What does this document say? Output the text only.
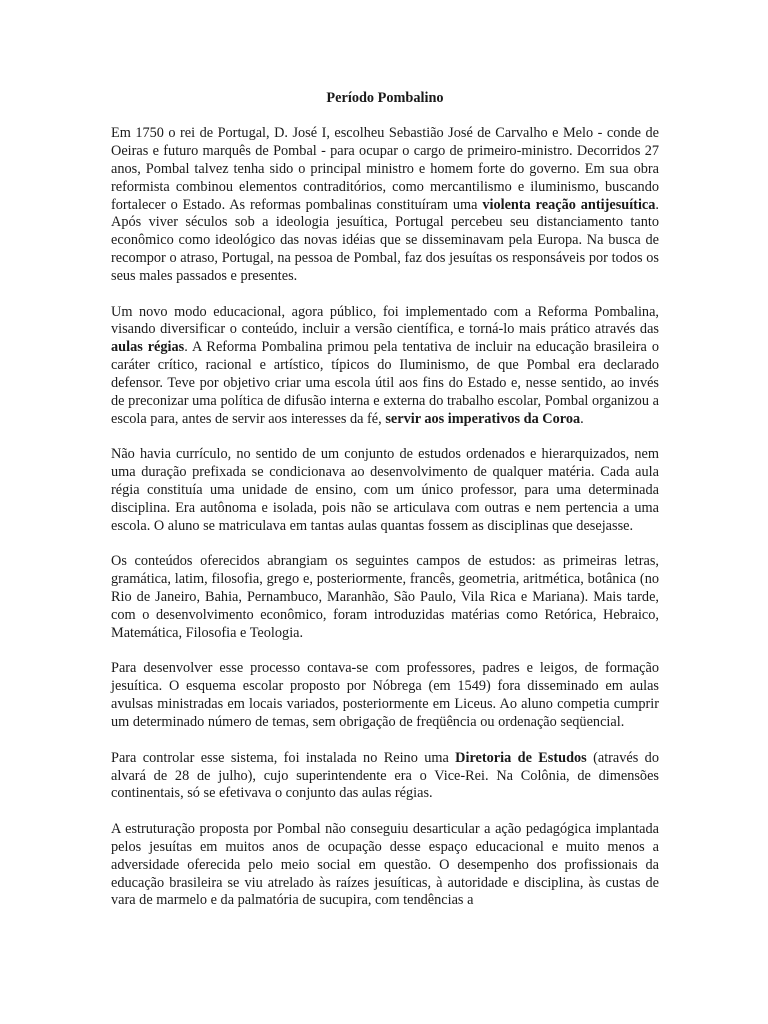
Período Pombalino

Em 1750 o rei de Portugal, D. José I, escolheu Sebastião José de Carvalho e Melo - conde de Oeiras e futuro marquês de Pombal - para ocupar o cargo de primeiro-ministro. Decorridos 27 anos, Pombal talvez tenha sido o principal ministro e homem forte do governo. Em sua obra reformista combinou elementos contraditórios, como mercantilismo e iluminismo, buscando fortalecer o Estado. As reformas pombalinas constituíram uma violenta reação antijesuítica. Após viver séculos sob a ideologia jesuítica, Portugal percebeu seu distanciamento tanto econômico como ideológico das novas idéias que se disseminavam pela Europa. Na busca de recompor o atraso, Portugal, na pessoa de Pombal, faz dos jesuítas os responsáveis por todos os seus males passados e presentes.

Um novo modo educacional, agora público, foi implementado com a Reforma Pombalina, visando diversificar o conteúdo, incluir a versão científica, e torná-lo mais prático através das aulas régias. A Reforma Pombalina primou pela tentativa de incluir na educação brasileira o caráter crítico, racional e artístico, típicos do Iluminismo, de que Pombal era declarado defensor. Teve por objetivo criar uma escola útil aos fins do Estado e, nesse sentido, ao invés de preconizar uma política de difusão interna e externa do trabalho escolar, Pombal organizou a escola para, antes de servir aos interesses da fé, servir aos imperativos da Coroa.

Não havia currículo, no sentido de um conjunto de estudos ordenados e hierarquizados, nem uma duração prefixada se condicionava ao desenvolvimento de qualquer matéria. Cada aula régia constituía uma unidade de ensino, com um único professor, para uma determinada disciplina. Era autônoma e isolada, pois não se articulava com outras e nem pertencia a uma escola. O aluno se matriculava em tantas aulas quantas fossem as disciplinas que desejasse.

Os conteúdos oferecidos abrangiam os seguintes campos de estudos: as primeiras letras, gramática, latim, filosofia, grego e, posteriormente, francês, geometria, aritmética, botânica (no Rio de Janeiro, Bahia, Pernambuco, Maranhão, São Paulo, Vila Rica e Mariana). Mais tarde, com o desenvolvimento econômico, foram introduzidas matérias como Retórica, Hebraico, Matemática, Filosofia e Teologia.

Para desenvolver esse processo contava-se com professores, padres e leigos, de formação jesuítica. O esquema escolar proposto por Nóbrega (em 1549) fora disseminado em aulas avulsas ministradas em locais variados, posteriormente em Liceus. Ao aluno competia cumprir um determinado número de temas, sem obrigação de freqüência ou ordenação seqüencial.

Para controlar esse sistema, foi instalada no Reino uma Diretoria de Estudos (através do alvará de 28 de julho), cujo superintendente era o Vice-Rei. Na Colônia, de dimensões continentais, só se efetivava o conjunto das aulas régias.

A estruturação proposta por Pombal não conseguiu desarticular a ação pedagógica implantada pelos jesuítas em muitos anos de ocupação desse espaço educacional e muito menos a adversidade oferecida pelo meio social em questão. O desempenho dos profissionais da educação brasileira se viu atrelado às raízes jesuíticas, à autoridade e disciplina, às custas de vara de marmelo e da palmatória de sucupira, com tendências a
